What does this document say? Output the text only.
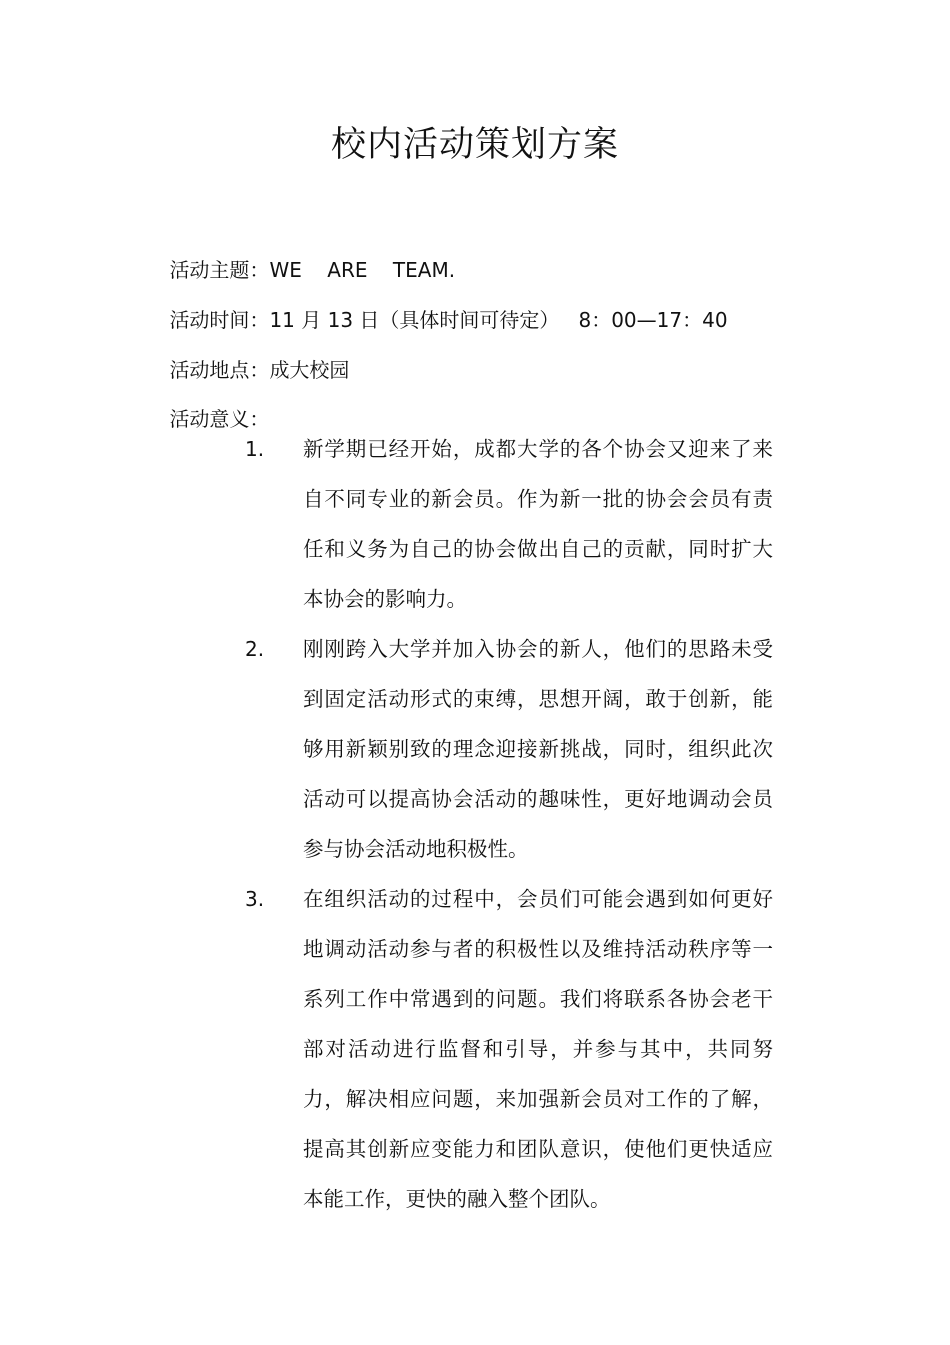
校内活动策划方案

活动主题：WE    ARE    TEAM.

活动时间：11 月 13 日（具体时间可待定）   8：00—17：40

活动地点：成大校园

活动意义：

1. 新学期已经开始，成都大学的各个协会又迎来了来自不同专业的新会员。作为新一批的协会会员有责任和义务为自己的协会做出自己的贡献，同时扩大本协会的影响力。
2. 刚刚跨入大学并加入协会的新人，他们的思路未受到固定活动形式的束缚，思想开阔，敢于创新，能够用新颖别致的理念迎接新挑战，同时，组织此次活动可以提高协会活动的趣味性，更好地调动会员参与协会活动地积极性。
3. 在组织活动的过程中，会员们可能会遇到如何更好地调动活动参与者的积极性以及维持活动秩序等一系列工作中常遇到的问题。我们将联系各协会老干部对活动进行监督和引导，并参与其中，共同努力，解决相应问题，来加强新会员对工作的了解，提高其创新应变能力和团队意识，使他们更快适应本能工作，更快的融入整个团队。
